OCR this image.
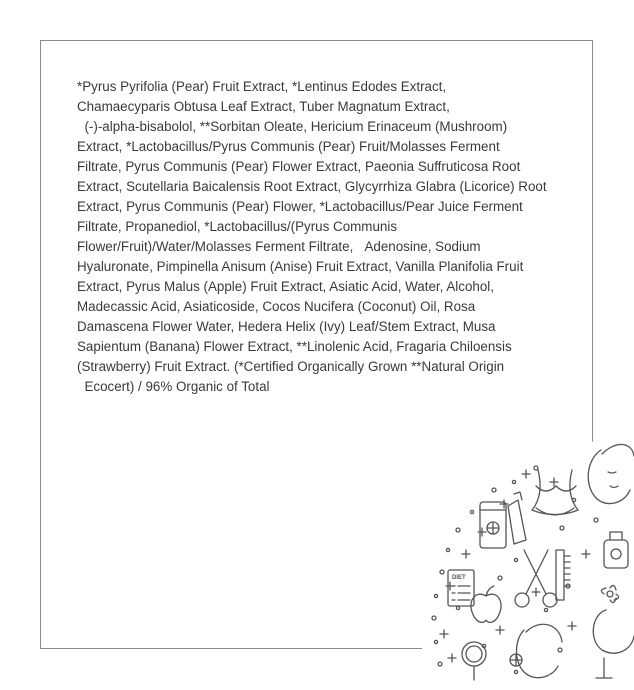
*Pyrus Pyrifolia (Pear) Fruit Extract, *Lentinus Edodes Extract,
Chamaecyparis Obtusa Leaf Extract, Tuber Magnatum Extract,
(-)-alpha-bisabolol, **Sorbitan Oleate, Hericium Erinaceum (Mushroom)
Extract, *Lactobacillus/Pyrus Communis (Pear) Fruit/Molasses Ferment
Filtrate, Pyrus Communis (Pear) Flower Extract, Paeonia Suffruticosa Root
Extract, Scutellaria Baicalensis Root Extract, Glycyrrhiza Glabra (Licorice) Root
Extract, Pyrus Communis (Pear) Flower, *Lactobacillus/Pear Juice Ferment
Filtrate, Propanediol, *Lactobacillus/(Pyrus Communis
Flower/Fruit)/Water/Molasses Ferment Filtrate,   Adenosine, Sodium
Hyaluronate, Pimpinella Anisum (Anise) Fruit Extract, Vanilla Planifolia Fruit
Extract, Pyrus Malus (Apple) Fruit Extract, Asiatic Acid, Water, Alcohol,
Madecassic Acid, Asiaticoside, Cocos Nucifera (Coconut) Oil, Rosa
Damascena Flower Water, Hedera Helix (Ivy) Leaf/Stem Extract, Musa
Sapientum (Banana) Flower Extract, **Linolenic Acid, Fragaria Chiloensis
(Strawberry) Fruit Extract. (*Certified Organically Grown **Natural Origin
Ecocert) / 96% Organic of Total

DIET
